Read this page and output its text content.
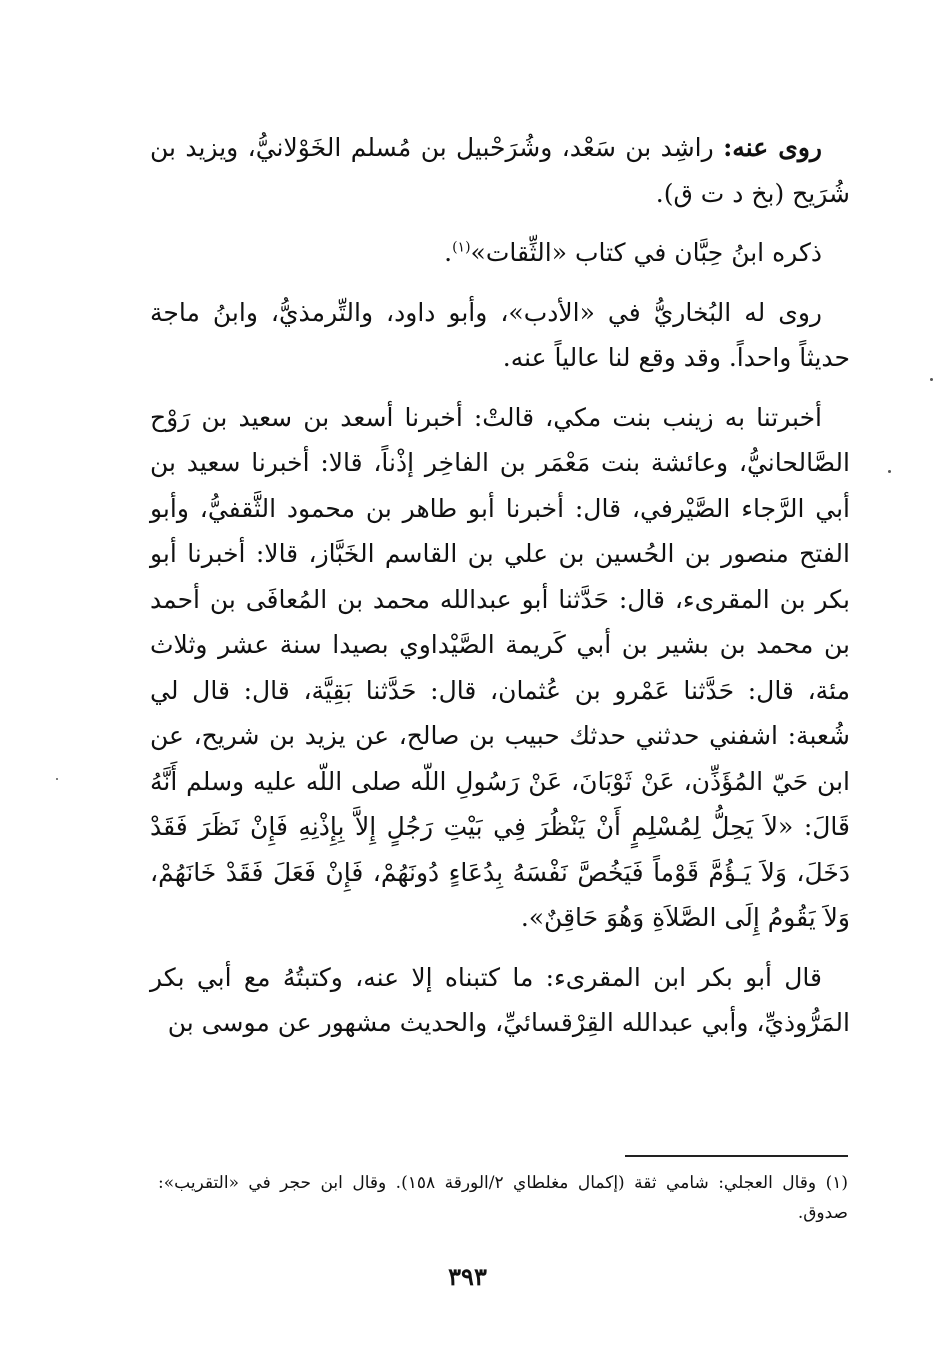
روى عنه: راشِد بن سَعْد، وشُرَحْبيل بن مُسلم الخَوْلانيُّ، ويزيد بن شُرَيح (بخ د ت ق).

ذكره ابنُ حِبَّان في كتاب «الثِّقات»$^{(١)}$.

روى له البُخاريُّ في «الأدب»، وأبو داود، والتِّرمذيُّ، وابنُ ماجة حديثاً واحداً. وقد وقع لنا عالياً عنه.

أخبرتنا به زينب بنت مكي، قالتْ: أخبرنا أسعد بن سعيد بن رَوْح الصَّالحانيُّ، وعائشة بنت مَعْمَر بن الفاخِر إذْناً، قالا: أخبرنا سعيد بن أبي الرَّجاء الصَّيْرفي، قال: أخبرنا أبو طاهر بن محمود الثَّقفيُّ، وأبو الفتح منصور بن الحُسين بن علي بن القاسم الخَبَّاز، قالا: أخبرنا أبو بكر بن المقرىء، قال: حَدَّثنا أبو عبدالله محمد بن المُعافَى بن أحمد بن محمد بن بشير بن أبي كَريمة الصَّيْداوي بصيدا سنة عشر وثلاث مئة، قال: حَدَّثنا عَمْرو بن عُثمان، قال: حَدَّثنا بَقِيَّة، قال: قال لي شُعبة: اشفني حدثني حدثك حبيب بن صالح، عن يزيد بن شريح، عن ابن حَيّ المُؤَذِّن، عَنْ ثَوْبَانَ، عَنْ رَسُولِ اللّه صلى اللّه عليه وسلم أَنَّهُ قَالَ: «لاَ يَحِلُّ لِمُسْلِمٍ أَنْ يَنْظُرَ فِي بَيْتِ رَجُلٍ إِلاَّ بِإِذْنِهِ فَإِنْ نَظَرَ فَقَدْ دَخَلَ، وَلاَ يَـؤُمَّ قَوْماً فَيَخُصَّ نَفْسَهُ بِدُعَاءٍ دُونَهُمْ، فَإِنْ فَعَلَ فَقَدْ خَانَهُمْ، وَلاَ يَقُومُ إِلَى الصَّلاَةِ وَهُوَ حَاقِنٌ».

قال أبو بكر ابن المقرىء: ما كتبناه إلا عنه، وكتبتُهُ مع أبي بكر المَرُّوذيِّ، وأبي عبدالله القِرْقسائيِّ، والحديث مشهور عن موسى بن

(١) وقال العجلي: شامي ثقة (إكمال مغلطاي ٢/الورقة ١٥٨). وقال ابن حجر في «التقريب»: صدوق.
٣٩٣
